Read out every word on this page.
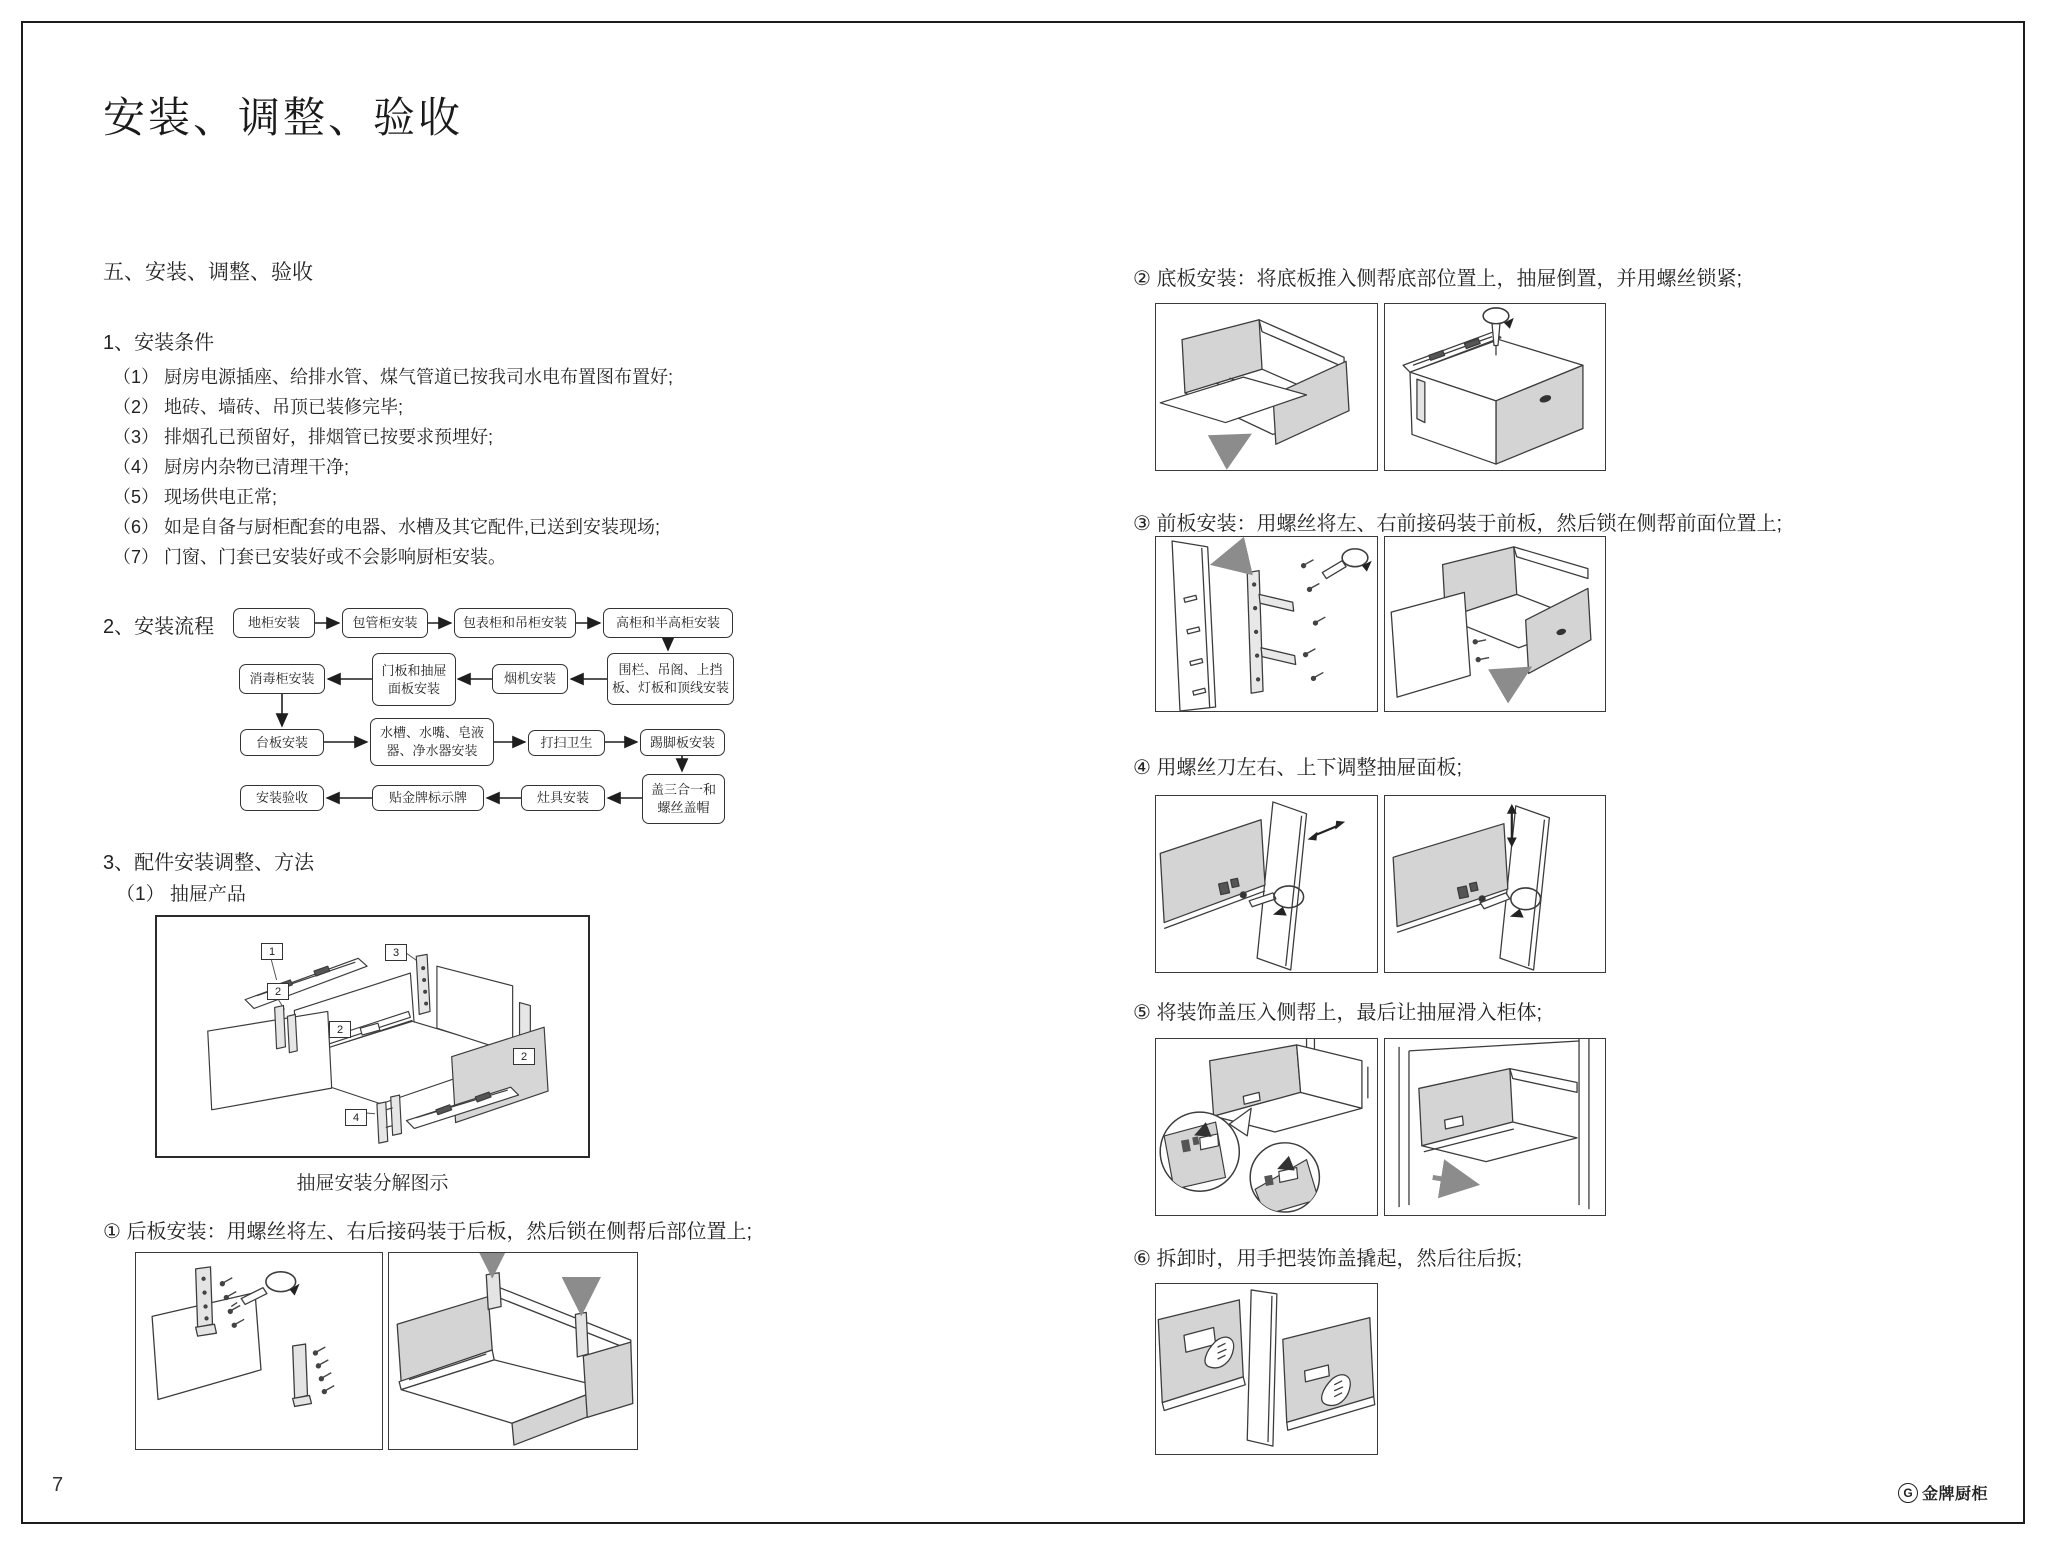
安装、调整、验收
五、安装、调整、验收
1、安装条件
（1） 厨房电源插座、给排水管、煤气管道已按我司水电布置图布置好;
（2） 地砖、墙砖、吊顶已装修完毕;
（3） 排烟孔已预留好，排烟管已按要求预埋好;
（4） 厨房内杂物已清理干净;
（5） 现场供电正常;
（6） 如是自备与厨柜配套的电器、水槽及其它配件,已送到安装现场;
（7） 门窗、门套已安装好或不会影响厨柜安装。
2、安装流程	地柜安装	包管柜安装	包表柜和吊柜安装	高柜和半高柜安装
围栏、吊阁、上挡板、灯板和顶线安装
烟机安装
门板和抽屉面板安装
消毒柜安装
台板安装
水槽、水嘴、皂液器、净水器安装
打扫卫生	踢脚板安装
盖三合一和螺丝盖帽
灶具安装
贴金牌标示牌
安装验收
3、配件安装调整、方法
（1） 抽屉产品
1
2
3
2
2
4
抽屉安装分解图示
① 后板安装：用螺丝将左、右后接码装于后板，然后锁在侧帮后部位置上;
② 底板安装：将底板推入侧帮底部位置上，抽屉倒置，并用螺丝锁紧;
③ 前板安装：用螺丝将左、右前接码装于前板，然后锁在侧帮前面位置上;
④ 用螺丝刀左右、上下调整抽屉面板;
⑤ 将装饰盖压入侧帮上，最后让抽屉滑入柜体;
⑥ 拆卸时，用手把装饰盖撬起，然后往后扳;
7	G 金牌厨柜
